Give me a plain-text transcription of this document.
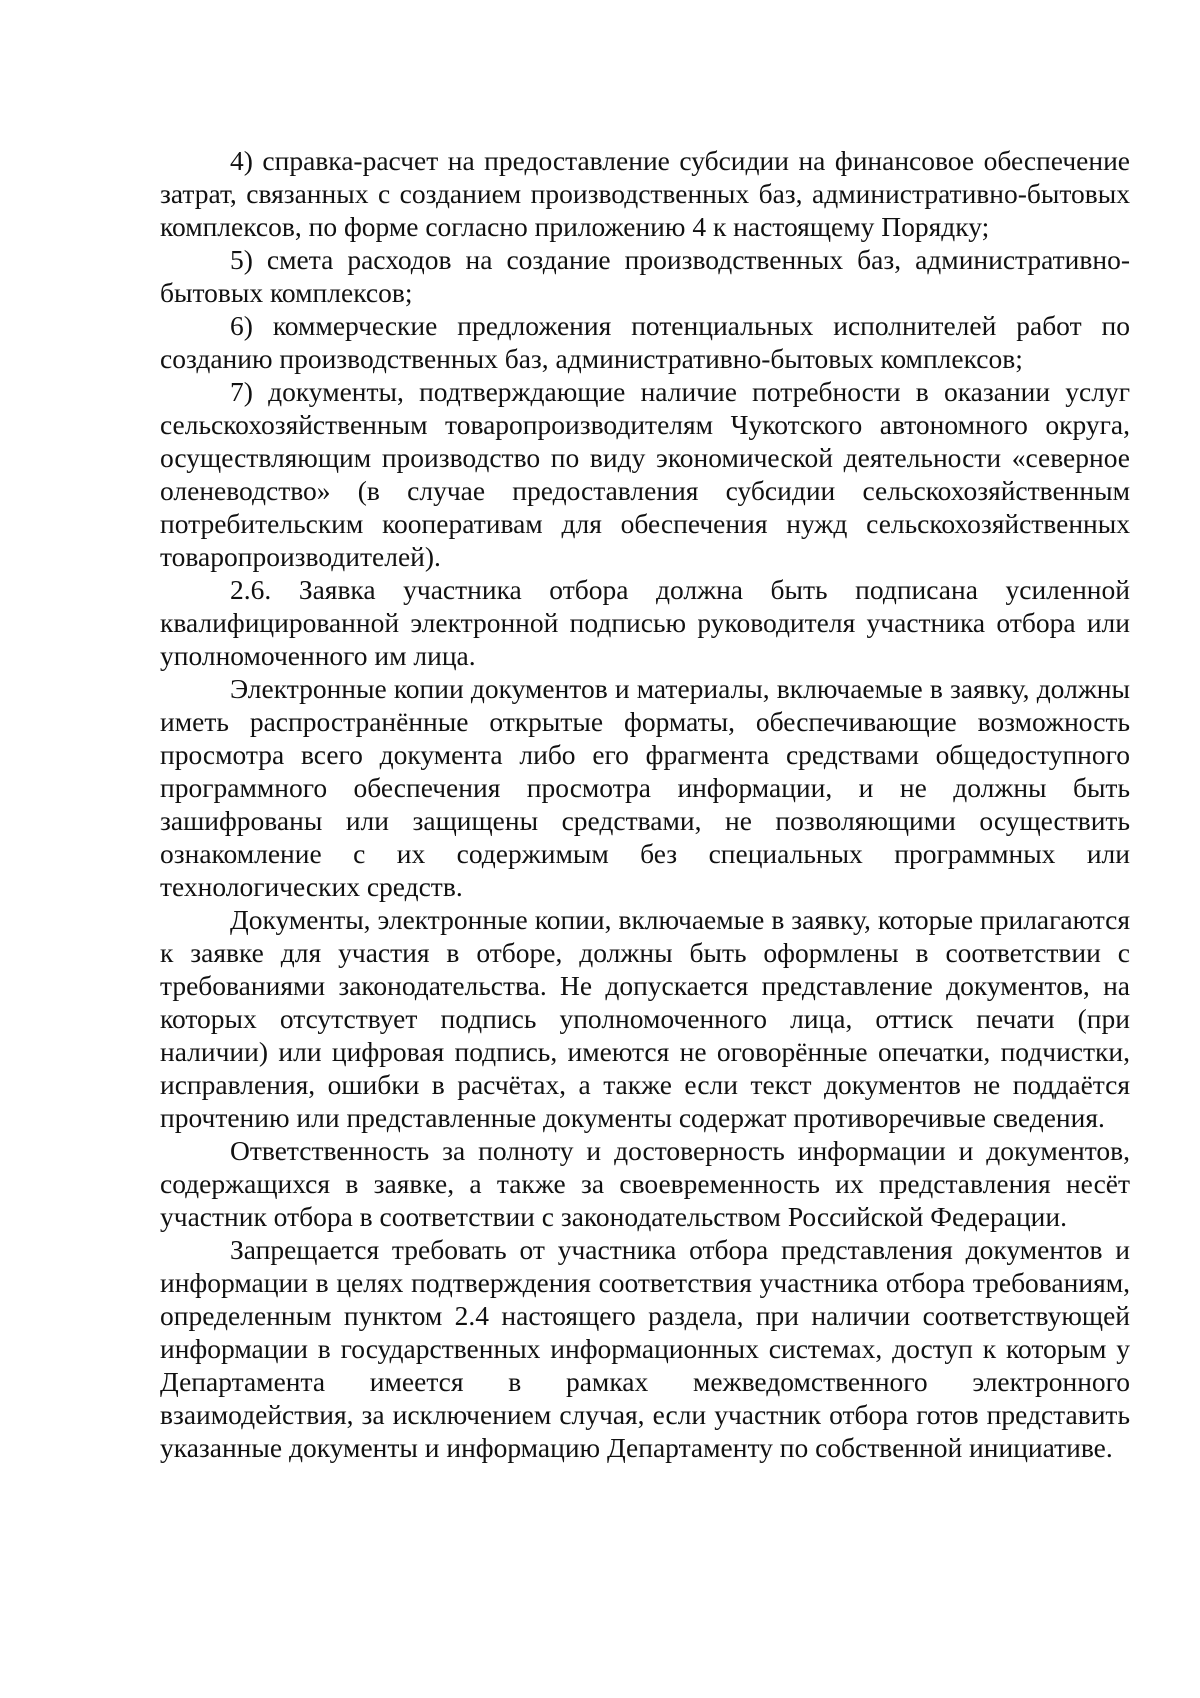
4) справка-расчет на предоставление субсидии на финансовое обеспечение затрат, связанных с созданием производственных баз, административно-бытовых комплексов, по форме согласно приложению 4 к настоящему Порядку;

5) смета расходов на создание производственных баз, административно-бытовых комплексов;

6) коммерческие предложения потенциальных исполнителей работ по созданию производственных баз, административно-бытовых комплексов;

7) документы, подтверждающие наличие потребности в оказании услуг сельскохозяйственным товаропроизводителям Чукотского автономного округа, осуществляющим производство по виду экономической деятельности «северное оленеводство» (в случае предоставления субсидии сельскохозяйственным потребительским кооперативам для обеспечения нужд сельскохозяйственных товаропроизводителей).

2.6. Заявка участника отбора должна быть подписана усиленной квалифицированной электронной подписью руководителя участника отбора или уполномоченного им лица.

Электронные копии документов и материалы, включаемые в заявку, должны иметь распространённые открытые форматы, обеспечивающие возможность просмотра всего документа либо его фрагмента средствами общедоступного программного обеспечения просмотра информации, и не должны быть зашифрованы или защищены средствами, не позволяющими осуществить ознакомление с их содержимым без специальных программных или технологических средств.

Документы, электронные копии, включаемые в заявку, которые прилагаются к заявке для участия в отборе, должны быть оформлены в соответствии с требованиями законодательства. Не допускается представление документов, на которых отсутствует подпись уполномоченного лица, оттиск печати (при наличии) или цифровая подпись, имеются не оговорённые опечатки, подчистки, исправления, ошибки в расчётах, а также если текст документов не поддаётся прочтению или представленные документы содержат противоречивые сведения.

Ответственность за полноту и достоверность информации и документов, содержащихся в заявке, а также за своевременность их представления несёт участник отбора в соответствии с законодательством Российской Федерации.

Запрещается требовать от участника отбора представления документов и информации в целях подтверждения соответствия участника отбора требованиям, определенным пунктом 2.4 настоящего раздела, при наличии соответствующей информации в государственных информационных системах, доступ к которым у Департамента имеется в рамках межведомственного электронного взаимодействия, за исключением случая, если участник отбора готов представить указанные документы и информацию Департаменту по собственной инициативе.
